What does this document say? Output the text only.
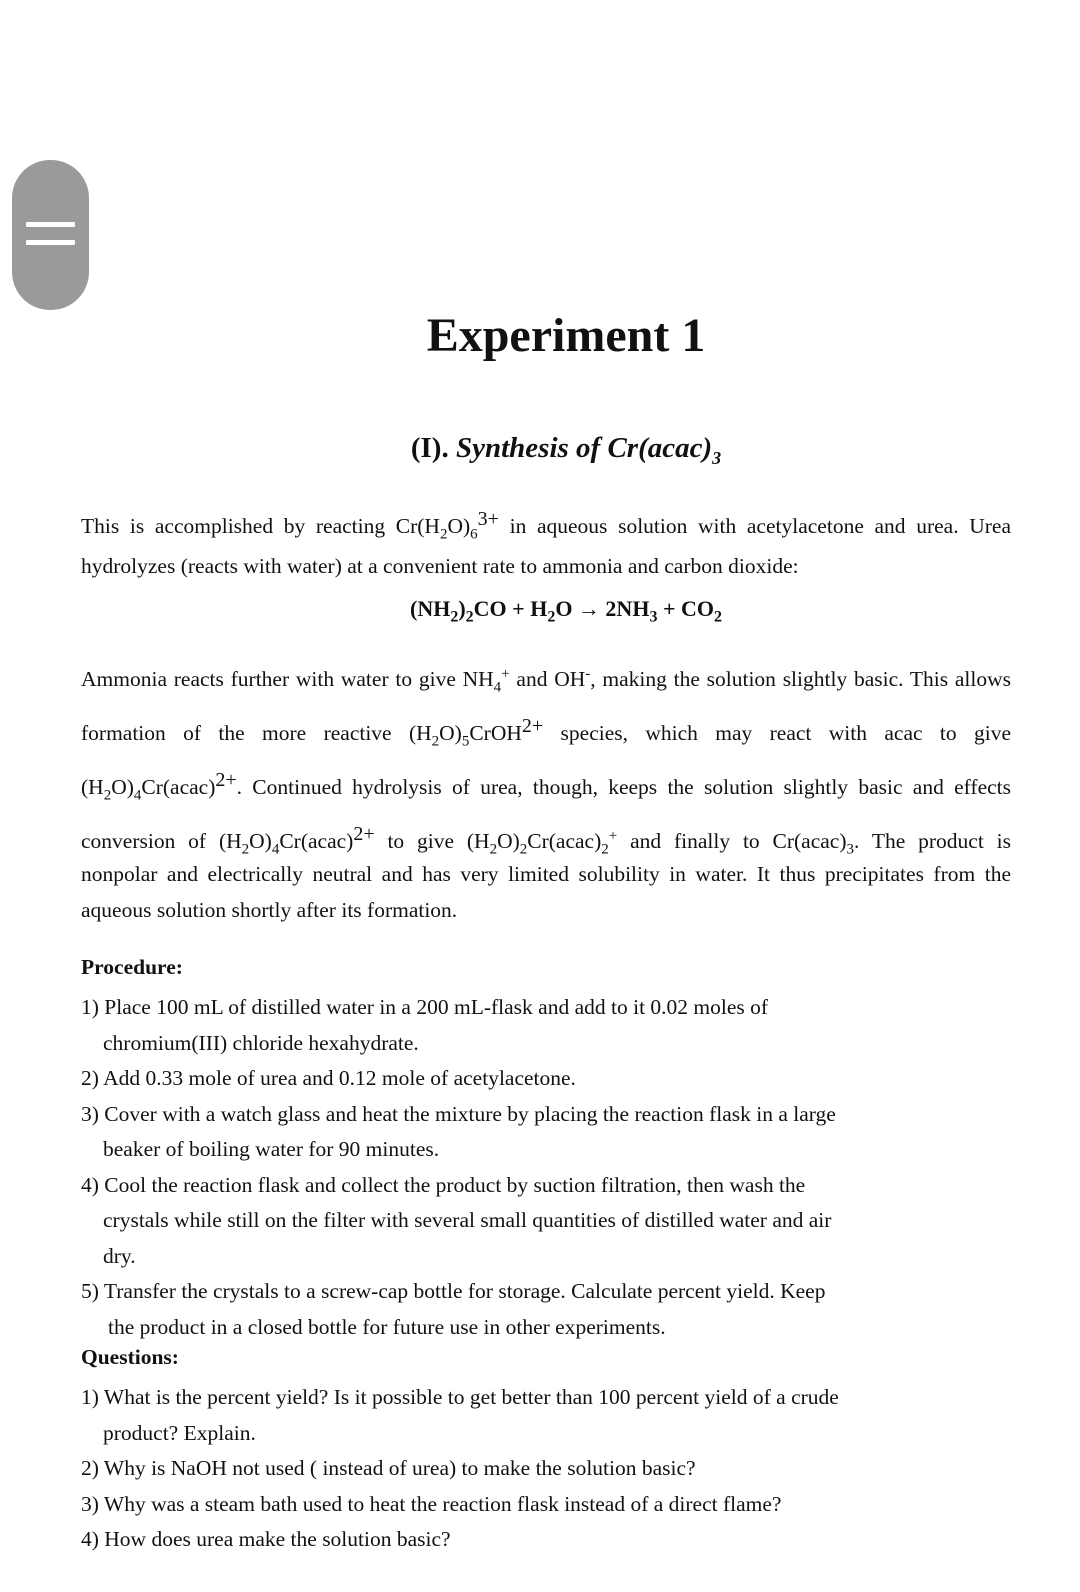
Experiment 1
(I). Synthesis of $Cr(acac)_3$
This is accomplished by reacting $Cr(H_2O)_6^{3+}$ in aqueous solution with acetylacetone and urea. Urea
hydrolyzes (reacts with water) at a convenient rate to ammonia and carbon dioxide:
$(NH_2)_2CO + H_2O \to 2NH_3 + CO_2$
Ammonia reacts further with water to give $NH_4^+$ and OH-, making the solution slightly basic. This allows
formation of the more reactive $(H_2O)_5CrOH^{2+}$ species, which may react with acac to give
$(H_2O)_4Cr(acac)^{2+}$. Continued hydrolysis of urea, though, keeps the solution slightly basic and effects
conversion of $(H_2O)_4Cr(acac)^{2+}$ to give $(H_2O)_2Cr(acac)_2^+$ and finally to $Cr(acac)_3$. The product is
nonpolar and electrically neutral and has very limited solubility in water. It thus precipitates from the
aqueous solution shortly after its formation.
Procedure:
1) Place 100 mL of distilled water in a 200 mL-flask and add to it 0.02 moles of
chromium(III) chloride hexahydrate.
2) Add 0.33 mole of urea and 0.12 mole of acetylacetone.
3) Cover with a watch glass and heat the mixture by placing the reaction flask in a large
beaker of boiling water for 90 minutes.
4) Cool the reaction flask and collect the product by suction filtration, then wash the
crystals while still on the filter with several small quantities of distilled water and air
dry.
5) Transfer the crystals to a screw-cap bottle for storage. Calculate percent yield. Keep
the product in a closed bottle for future use in other experiments.
Questions:
1) What is the percent yield? Is it possible to get better than 100 percent yield of a crude
product? Explain.
2) Why is NaOH not used ( instead of urea) to make the solution basic?
3) Why was a steam bath used to heat the reaction flask instead of a direct flame?
4) How does urea make the solution basic?
